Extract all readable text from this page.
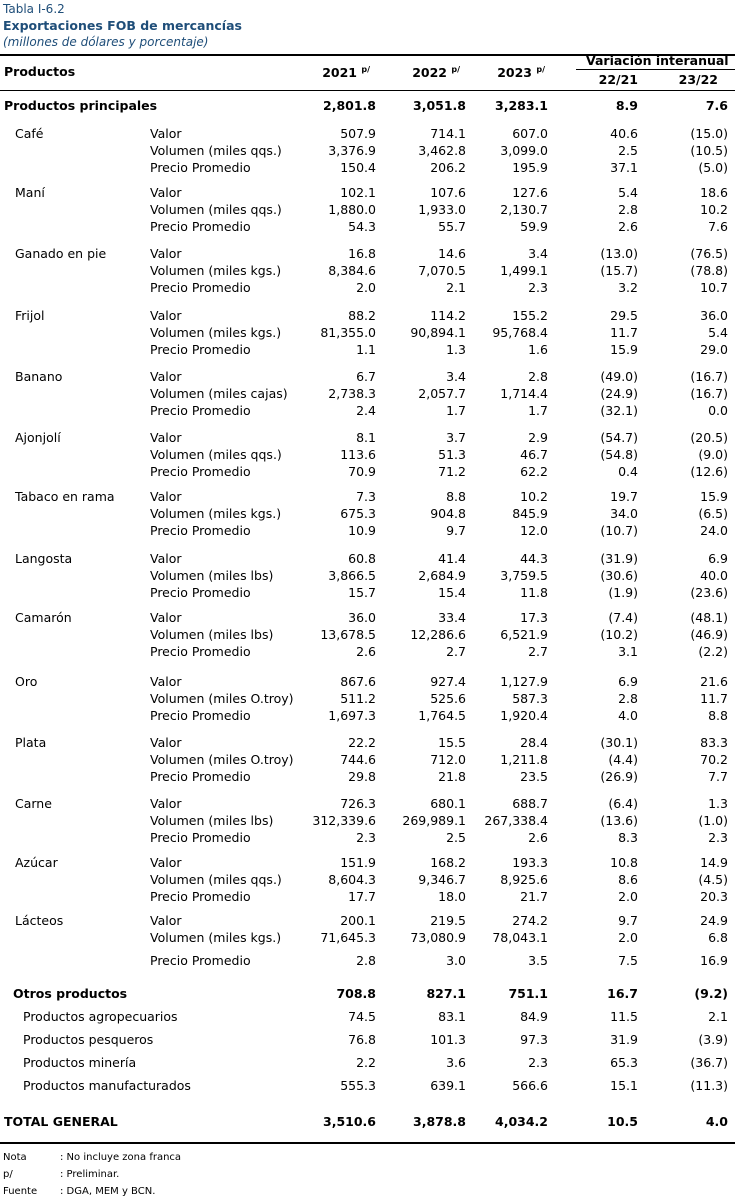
Tabla I-6.2
Exportaciones FOB de mercancías
(millones de dólares y porcentaje)
Productos	2021 $^{p/}$	2022 $^{p/}$	2023 $^{p/}$
Variación interanual
22/21	23/22
Productos principales	2,801.8	3,051.8	3,283.1	8.9	7.6
Café	Valor	507.9	714.1	607.0	40.6	(15.0)
Volumen (miles qqs.)	3,376.9	3,462.8	3,099.0	2.5	(10.5)
Precio Promedio	150.4	206.2	195.9	37.1	(5.0)
Maní	Valor	102.1	107.6	127.6	5.4	18.6
Volumen (miles qqs.)	1,880.0	1,933.0	2,130.7	2.8	10.2
Precio Promedio	54.3	55.7	59.9	2.6	7.6
Ganado en pie	Valor	16.8	14.6	3.4	(13.0)	(76.5)
Volumen (miles kgs.)	8,384.6	7,070.5	1,499.1	(15.7)	(78.8)
Precio Promedio	2.0	2.1	2.3	3.2	10.7
Frijol	Valor	88.2	114.2	155.2	29.5	36.0
Volumen (miles kgs.)	81,355.0	90,894.1	95,768.4	11.7	5.4
Precio Promedio	1.1	1.3	1.6	15.9	29.0
Banano	Valor	6.7	3.4	2.8	(49.0)	(16.7)
Volumen (miles cajas)	2,738.3	2,057.7	1,714.4	(24.9)	(16.7)
Precio Promedio	2.4	1.7	1.7	(32.1)	0.0
Ajonjolí	Valor	8.1	3.7	2.9	(54.7)	(20.5)
Volumen (miles qqs.)	113.6	51.3	46.7	(54.8)	(9.0)
Precio Promedio	70.9	71.2	62.2	0.4	(12.6)
Tabaco en rama	Valor	7.3	8.8	10.2	19.7	15.9
Volumen (miles kgs.)	675.3	904.8	845.9	34.0	(6.5)
Precio Promedio	10.9	9.7	12.0	(10.7)	24.0
Langosta	Valor	60.8	41.4	44.3	(31.9)	6.9
Volumen (miles lbs)	3,866.5	2,684.9	3,759.5	(30.6)	40.0
Precio Promedio	15.7	15.4	11.8	(1.9)	(23.6)
Camarón	Valor	36.0	33.4	17.3	(7.4)	(48.1)
Volumen (miles lbs)	13,678.5	12,286.6	6,521.9	(10.2)	(46.9)
Precio Promedio	2.6	2.7	2.7	3.1	(2.2)
Oro	Valor	867.6	927.4	1,127.9	6.9	21.6
Volumen (miles O.troy)	511.2	525.6	587.3	2.8	11.7
Precio Promedio	1,697.3	1,764.5	1,920.4	4.0	8.8
Plata	Valor	22.2	15.5	28.4	(30.1)	83.3
Volumen (miles O.troy)	744.6	712.0	1,211.8	(4.4)	70.2
Precio Promedio	29.8	21.8	23.5	(26.9)	7.7
Carne	Valor	726.3	680.1	688.7	(6.4)	1.3
Volumen (miles lbs)	312,339.6	269,989.1	267,338.4	(13.6)	(1.0)
Precio Promedio	2.3	2.5	2.6	8.3	2.3
Azúcar	Valor	151.9	168.2	193.3	10.8	14.9
Volumen (miles qqs.)	8,604.3	9,346.7	8,925.6	8.6	(4.5)
Precio Promedio	17.7	18.0	21.7	2.0	20.3
Lácteos	Valor	200.1	219.5	274.2	9.7	24.9
Volumen (miles kgs.)	71,645.3	73,080.9	78,043.1	2.0	6.8
Precio Promedio	2.8	3.0	3.5	7.5	16.9
Otros productos	708.8	827.1	751.1	16.7	(9.2)
Productos agropecuarios	74.5	83.1	84.9	11.5	2.1
Productos pesqueros	76.8	101.3	97.3	31.9	(3.9)
Productos minería	2.2	3.6	2.3	65.3	(36.7)
Productos manufacturados	555.3	639.1	566.6	15.1	(11.3)
TOTAL GENERAL	3,510.6	3,878.8	4,034.2	10.5	4.0
Nota	: No incluye zona franca
p/	: Preliminar.
Fuente : DGA, MEM y BCN.
